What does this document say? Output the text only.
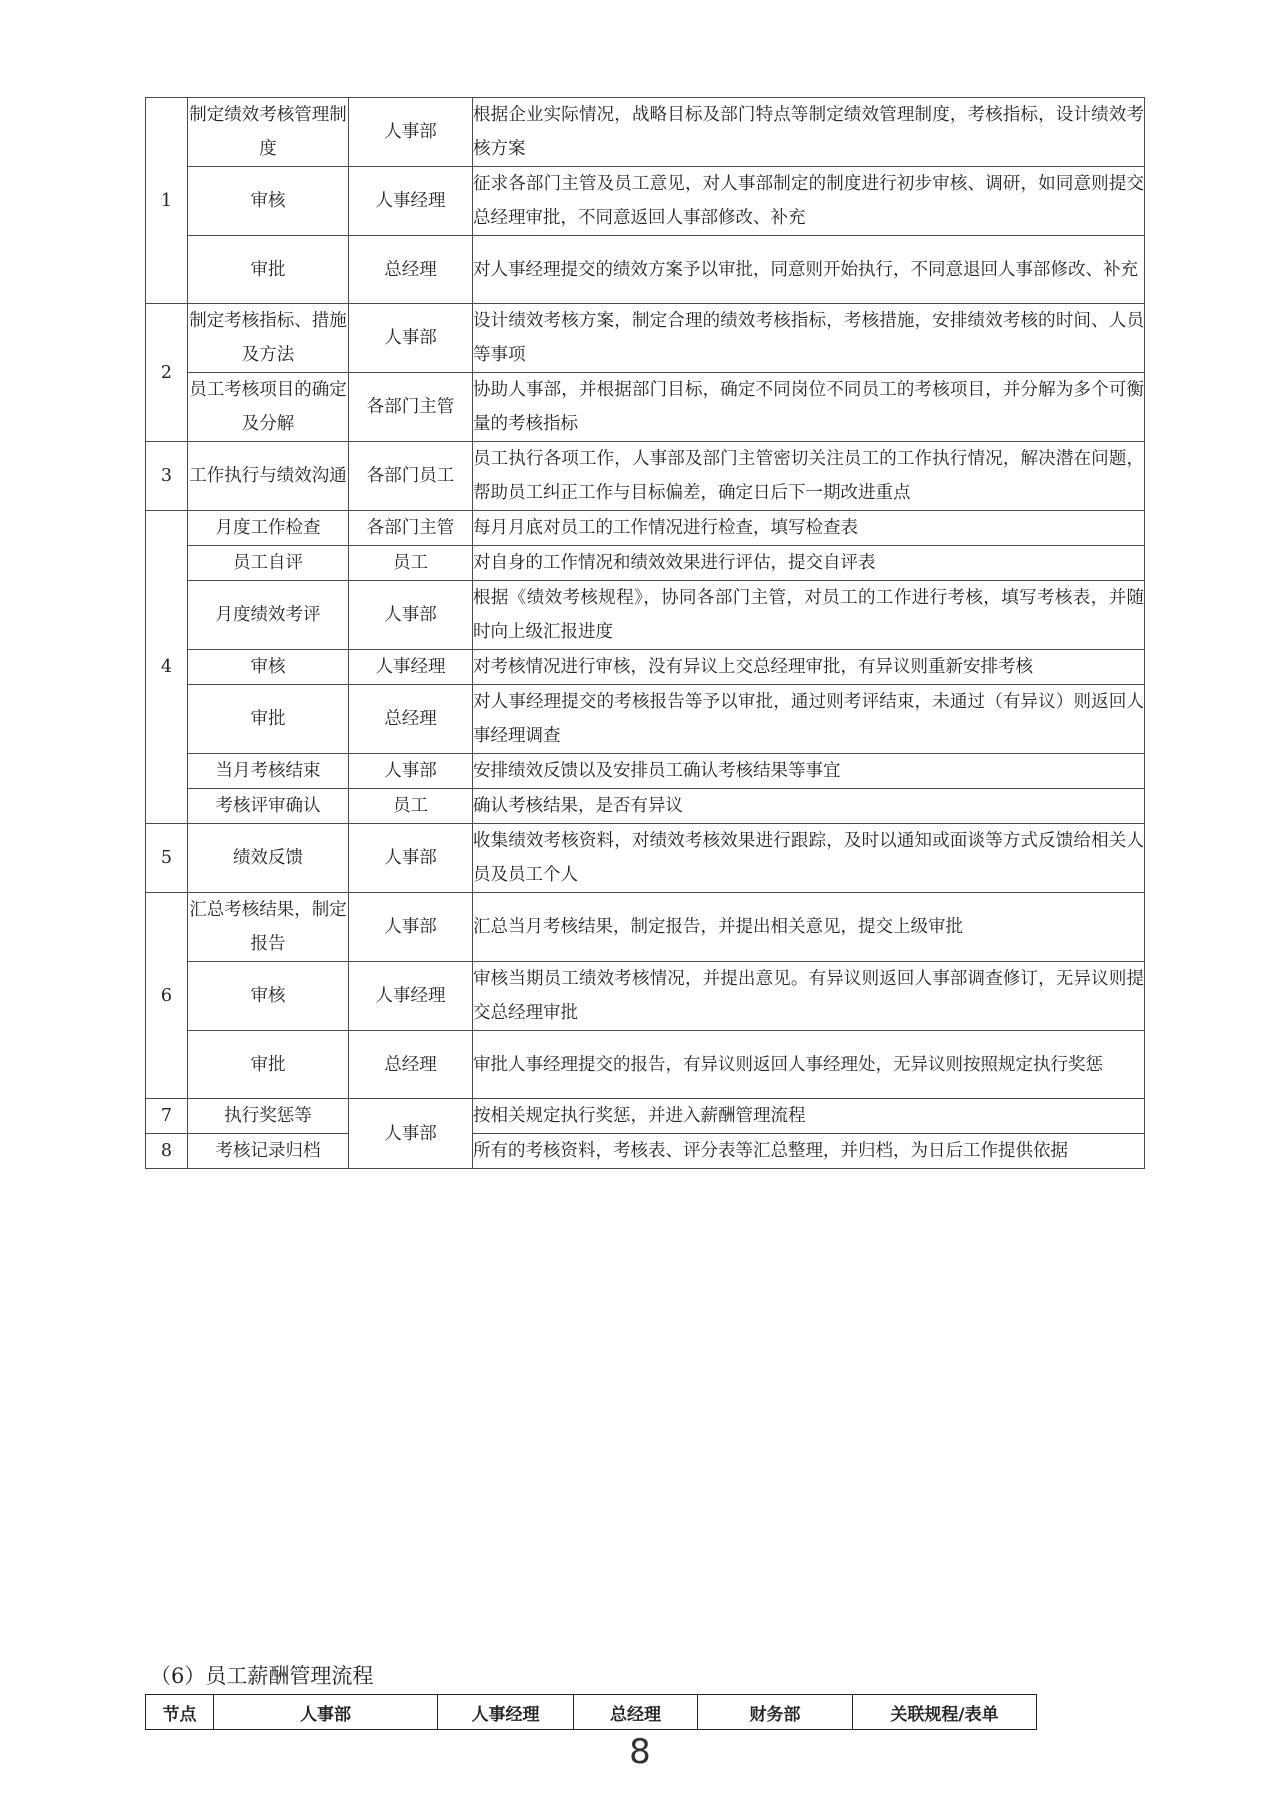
1	制定绩效考核管理制度	人事部	根据企业实际情况，战略目标及部门特点等制定绩效管理制度，考核指标，设计绩效考核方案
	审核	人事经理	征求各部门主管及员工意见，对人事部制定的制度进行初步审核、调研，如同意则提交总经理审批，不同意返回人事部修改、补充
	审批	总经理	对人事经理提交的绩效方案予以审批，同意则开始执行，不同意退回人事部修改、补充
2	制定考核指标、措施及方法	人事部	设计绩效考核方案，制定合理的绩效考核指标，考核措施，安排绩效考核的时间、人员等事项
	员工考核项目的确定及分解	各部门主管	协助人事部，并根据部门目标，确定不同岗位不同员工的考核项目，并分解为多个可衡量的考核指标
3	工作执行与绩效沟通	各部门员工	员工执行各项工作，人事部及部门主管密切关注员工的工作执行情况，解决潜在问题，帮助员工纠正工作与目标偏差，确定日后下一期改进重点
4	月度工作检查	各部门主管	每月月底对员工的工作情况进行检查，填写检查表
	员工自评	员工	对自身的工作情况和绩效效果进行评估，提交自评表
	月度绩效考评	人事部	根据《绩效考核规程》，协同各部门主管，对员工的工作进行考核，填写考核表，并随时向上级汇报进度
	审核	人事经理	对考核情况进行审核，没有异议上交总经理审批，有异议则重新安排考核
	审批	总经理	对人事经理提交的考核报告等予以审批，通过则考评结束，未通过（有异议）则返回人事经理调查
	当月考核结束	人事部	安排绩效反馈以及安排员工确认考核结果等事宜
	考核评审确认	员工	确认考核结果，是否有异议
5	绩效反馈	人事部	收集绩效考核资料，对绩效考核效果进行跟踪，及时以通知或面谈等方式反馈给相关人员及员工个人
6	汇总考核结果，制定报告	人事部	汇总当月考核结果，制定报告，并提出相关意见，提交上级审批
	审核	人事经理	审核当期员工绩效考核情况，并提出意见。有异议则返回人事部调查修订，无异议则提交总经理审批
	审批	总经理	审批人事经理提交的报告，有异议则返回人事经理处，无异议则按照规定执行奖惩
7	执行奖惩等	人事部	按相关规定执行奖惩，并进入薪酬管理流程
8	考核记录归档		所有的考核资料，考核表、评分表等汇总整理，并归档，为日后工作提供依据
（6）员工薪酬管理流程
节点	人事部	人事经理	总经理	财务部	关联规程/表单
8
